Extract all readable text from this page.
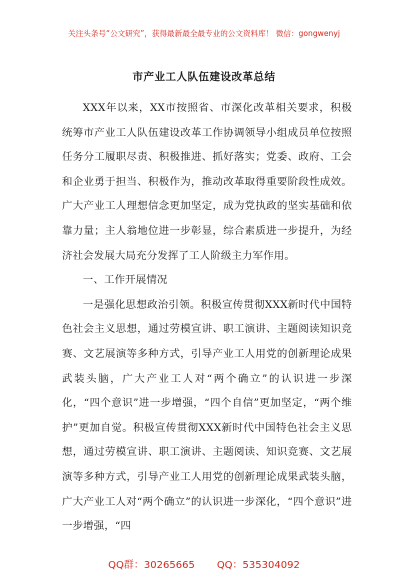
关注头条号“公文研究”，获得最新最全最专业的公文资料库！ 微信：gongwenyj
市产业工人队伍建设改革总结

XXX年以来，XX市按照省、市深化改革相关要求，积极统筹市产业工人队伍建设改革工作协调领导小组成员单位按照任务分工履职尽责、积极推进、抓好落实；党委、政府、工会和企业勇于担当、积极作为，推动改革取得重要阶段性成效。广大产业工人理想信念更加坚定，成为党执政的坚实基础和依靠力量；主人翁地位进一步彰显，综合素质进一步提升，为经济社会发展大局充分发挥了工人阶级主力军作用。

一、工作开展情况

一是强化思想政治引领。积极宣传贯彻XXX新时代中国特色社会主义思想，通过劳模宣讲、职工演讲、主题阅读知识竞赛、文艺展演等多种方式，引导产业工人用党的创新理论成果武装头脑，广大产业工人对“两个确立”的认识进一步深化，“四个意识”进一步增强，“四个自信”更加坚定，“两个维护”更加自觉。积极宣传贯彻XXX新时代中国特色社会主义思想，通过劳模宣讲、职工演讲、主题阅读、知识竞赛、文艺展演等多种方式，引导产业工人用党的创新理论成果武装头脑，广大产业工人对“两个确立”的认识进一步深化，“四个意识”进一步增强，“四

QQ群：30265665 QQ：535304092
